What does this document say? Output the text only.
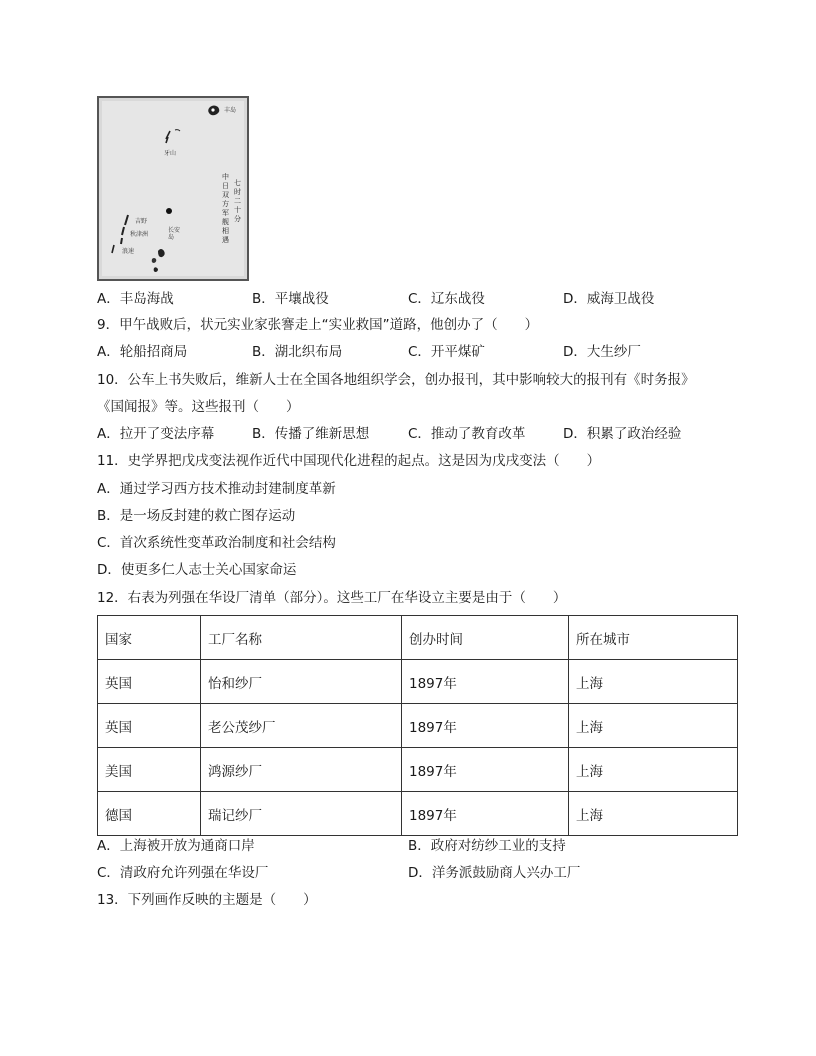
丰岛
牙山
吉野
秋津洲
浪速
长安岛
七时二十分
中日双方军舰相遇
A．丰岛海战	B．平壤战役	C．辽东战役	D．威海卫战役
9．甲午战败后，状元实业家张謇走上“实业救国”道路，他创办了（　　）
A．轮船招商局	B．湖北织布局	C．开平煤矿	D．大生纱厂
10．公车上书失败后，维新人士在全国各地组织学会，创办报刊，其中影响较大的报刊有《时务报》
《国闻报》等。这些报刊（　　）
A．拉开了变法序幕	B．传播了维新思想	C．推动了教育改革	D．积累了政治经验
11．史学界把戊戌变法视作近代中国现代化进程的起点。这是因为戊戌变法（　　）
A．通过学习西方技术推动封建制度革新
B．是一场反封建的救亡图存运动
C．首次系统性变革政治制度和社会结构
D．使更多仁人志士关心国家命运
12．右表为列强在华设厂清单（部分）。这些工厂在华设立主要是由于（　　）
国家	工厂名称	创办时间	所在城市
英国	怡和纱厂	1897年	上海
英国	老公茂纱厂	1897年	上海
美国	鸿源纱厂	1897年	上海
德国	瑞记纱厂	1897年	上海
A．上海被开放为通商口岸	B．政府对纺纱工业的支持
C．清政府允许列强在华设厂	D．洋务派鼓励商人兴办工厂
13．下列画作反映的主题是（　　）
